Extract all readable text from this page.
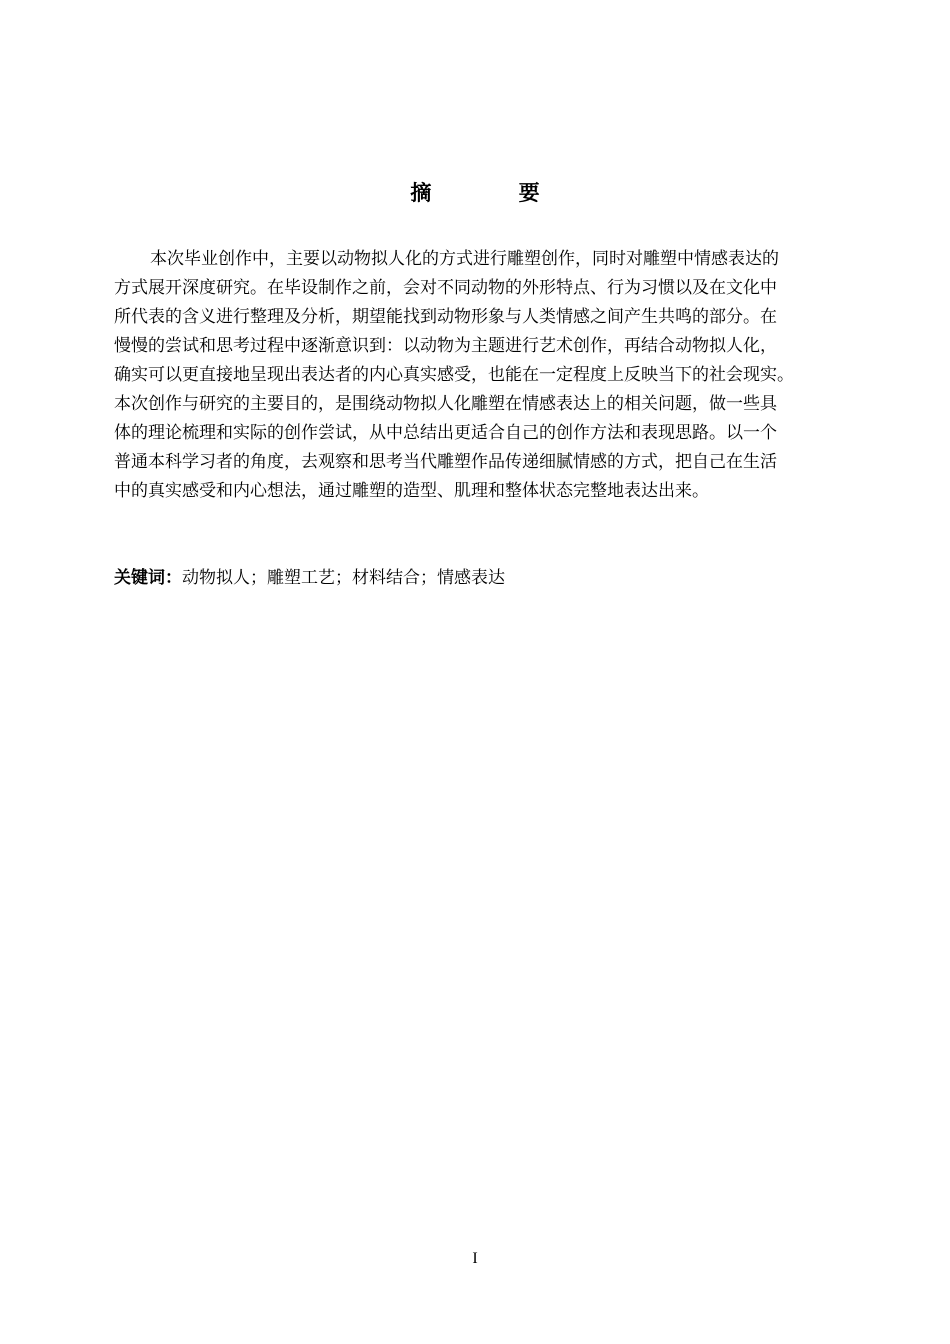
摘 要
本次毕业创作中，主要以动物拟人化的方式进行雕塑创作，同时对雕塑中情感表达的
方式展开深度研究。在毕设制作之前，会对不同动物的外形特点、行为习惯以及在文化中
所代表的含义进行整理及分析，期望能找到动物形象与人类情感之间产生共鸣的部分。在
慢慢的尝试和思考过程中逐渐意识到：以动物为主题进行艺术创作，再结合动物拟人化，
确实可以更直接地呈现出表达者的内心真实感受，也能在一定程度上反映当下的社会现实。
本次创作与研究的主要目的，是围绕动物拟人化雕塑在情感表达上的相关问题，做一些具
体的理论梳理和实际的创作尝试，从中总结出更适合自己的创作方法和表现思路。以一个
普通本科学习者的角度，去观察和思考当代雕塑作品传递细腻情感的方式，把自己在生活
中的真实感受和内心想法，通过雕塑的造型、肌理和整体状态完整地表达出来。
关键词：动物拟人；雕塑工艺；材料结合；情感表达
I
